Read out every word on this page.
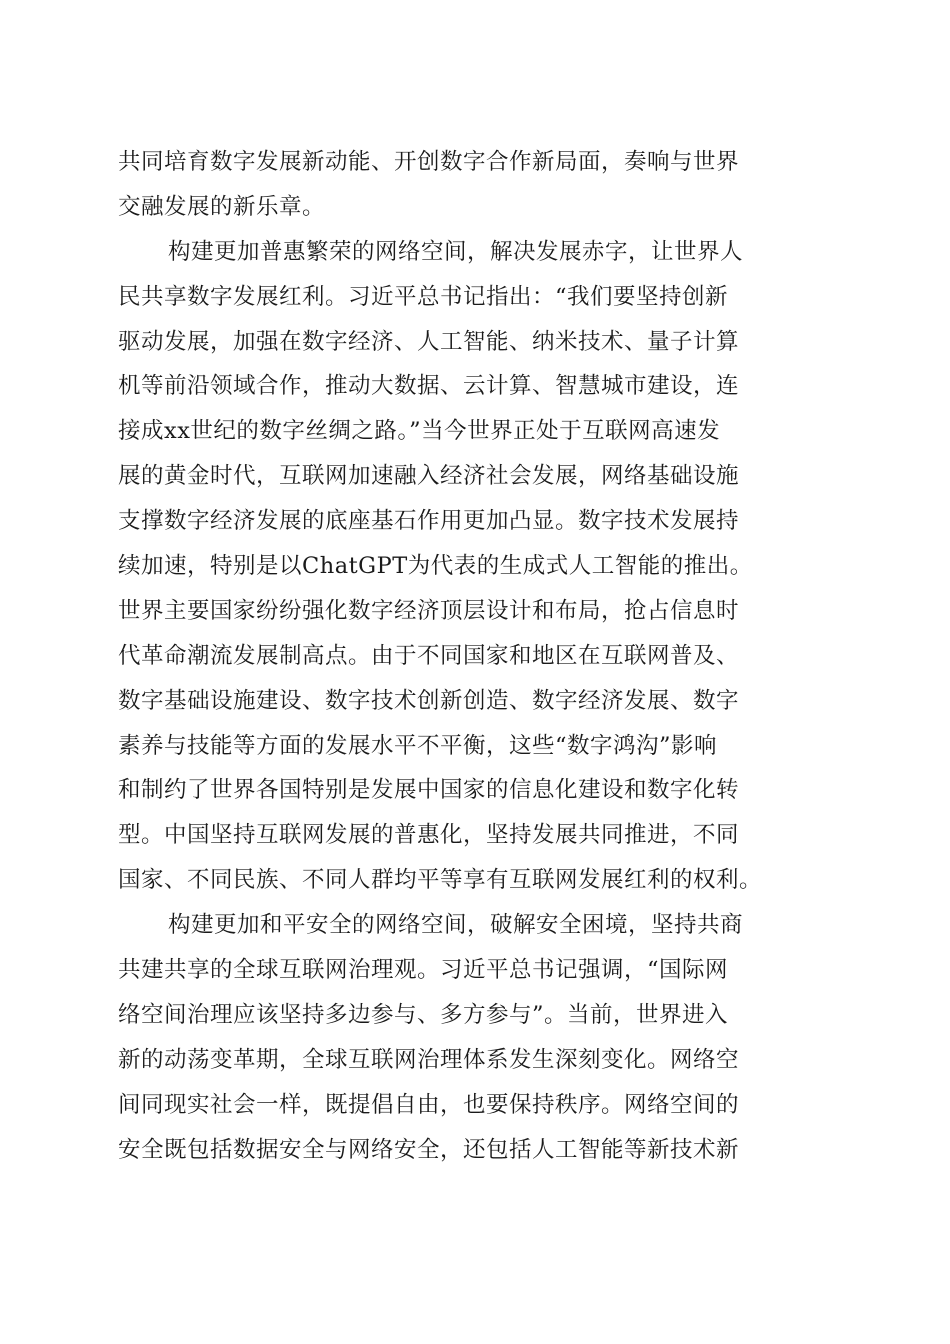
共同培育数字发展新动能、开创数字合作新局面，奏响与世界
交融发展的新乐章。
构建更加普惠繁荣的网络空间，解决发展赤字，让世界人
民共享数字发展红利。习近平总书记指出：“我们要坚持创新
驱动发展，加强在数字经济、人工智能、纳米技术、量子计算
机等前沿领域合作，推动大数据、云计算、智慧城市建设，连
接成xx世纪的数字丝绸之路。”当今世界正处于互联网高速发
展的黄金时代，互联网加速融入经济社会发展，网络基础设施
支撑数字经济发展的底座基石作用更加凸显。数字技术发展持
续加速，特别是以ChatGPT为代表的生成式人工智能的推出。
世界主要国家纷纷强化数字经济顶层设计和布局，抢占信息时
代革命潮流发展制高点。由于不同国家和地区在互联网普及、
数字基础设施建设、数字技术创新创造、数字经济发展、数字
素养与技能等方面的发展水平不平衡，这些“数字鸿沟”影响
和制约了世界各国特别是发展中国家的信息化建设和数字化转
型。中国坚持互联网发展的普惠化，坚持发展共同推进，不同
国家、不同民族、不同人群均平等享有互联网发展红利的权利。
构建更加和平安全的网络空间，破解安全困境，坚持共商
共建共享的全球互联网治理观。习近平总书记强调，“国际网
络空间治理应该坚持多边参与、多方参与”。当前，世界进入
新的动荡变革期，全球互联网治理体系发生深刻变化。网络空
间同现实社会一样，既提倡自由，也要保持秩序。网络空间的
安全既包括数据安全与网络安全，还包括人工智能等新技术新
